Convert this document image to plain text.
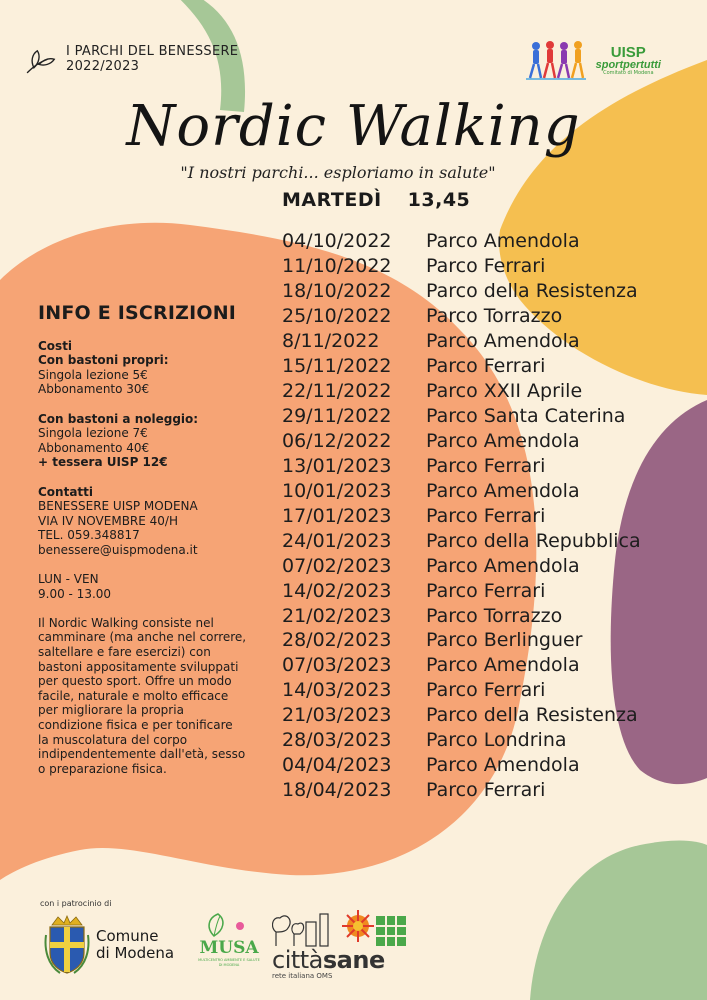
I PARCHI DEL BENESSERE
2022/2023
UISP
sportpertutti
Comitato di Modena
Nordic Walking
"I nostri parchi... esploriamo in salute"
MARTEDÌ 13,45
04/10/2022	Parco Amendola
11/10/2022	Parco Ferrari
18/10/2022	Parco della Resistenza
25/10/2022	Parco Torrazzo
8/11/2022	Parco Amendola
15/11/2022	Parco Ferrari
22/11/2022	Parco XXII Aprile
29/11/2022	Parco Santa Caterina
06/12/2022	Parco Amendola
13/01/2023	Parco Ferrari
10/01/2023	Parco Amendola
17/01/2023	Parco Ferrari
24/01/2023	Parco della Repubblica
07/02/2023	Parco Amendola
14/02/2023	Parco Ferrari
21/02/2023	Parco Torrazzo
28/02/2023	Parco Berlinguer
07/03/2023	Parco Amendola
14/03/2023	Parco Ferrari
21/03/2023	Parco della Resistenza
28/03/2023	Parco Londrina
04/04/2023	Parco Amendola
18/04/2023	Parco Ferrari
INFO E ISCRIZIONI
Costi
Con bastoni propri:
Singola lezione 5€
Abbonamento 30€
Con bastoni a noleggio:
Singola lezione 7€
Abbonamento 40€
+ tessera UISP 12€
Contatti
BENESSERE UISP MODENA
VIA IV NOVEMBRE 40/H
TEL. 059.348817
benessere@uispmodena.it
LUN - VEN
9.00 - 13.00
Il Nordic Walking consiste nel
camminare (ma anche nel correre,
saltellare e fare esercizi) con
bastoni appositamente sviluppati
per questo sport. Offre un modo
facile, naturale e molto efficace
per migliorare la propria
condizione fisica e per tonificare
la muscolatura del corpo
indipendentemente dall'età, sesso
o preparazione fisica.
con i patrocinio di
Comune
di Modena MUSA
MULTICENTRO AMBIENTE E SALUTE DI MODENA	cittàsane
rete italiana OMS
